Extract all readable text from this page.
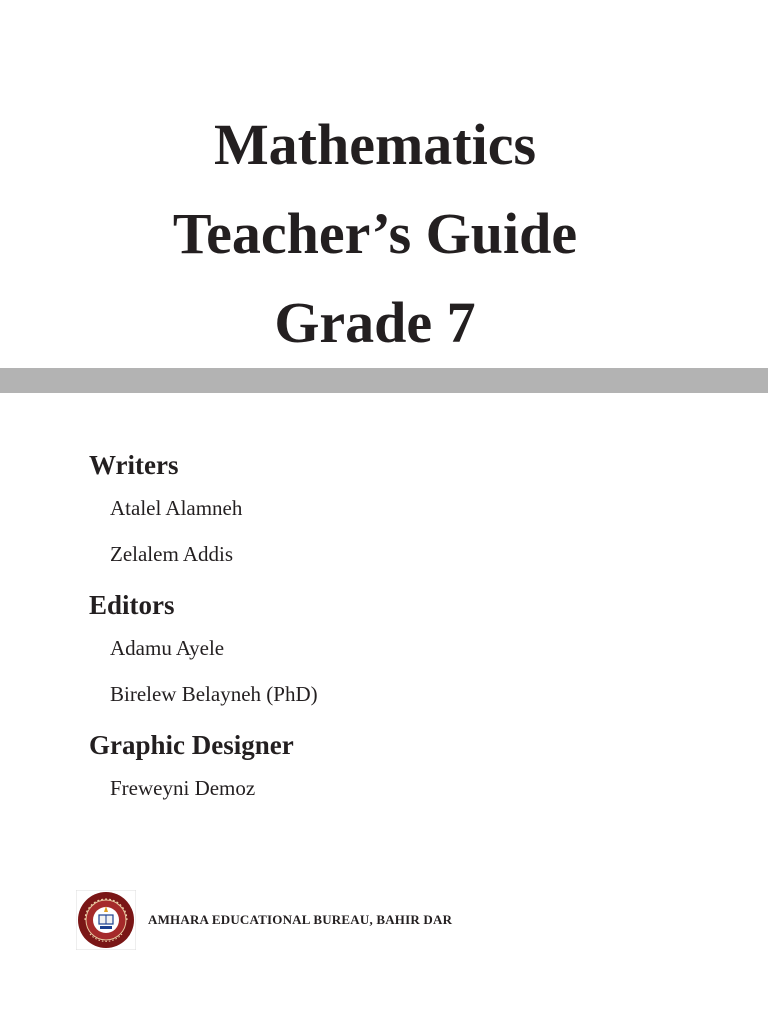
Mathematics

Teacher’s Guide

Grade 7

Writers

Atalel Alamneh

Zelalem Addis

Editors

Adamu Ayele

Birelew Belayneh (PhD)

Graphic Designer

Freweyni Demoz

AMHARA EDUCATIONAL BUREAU, BAHIR DAR
